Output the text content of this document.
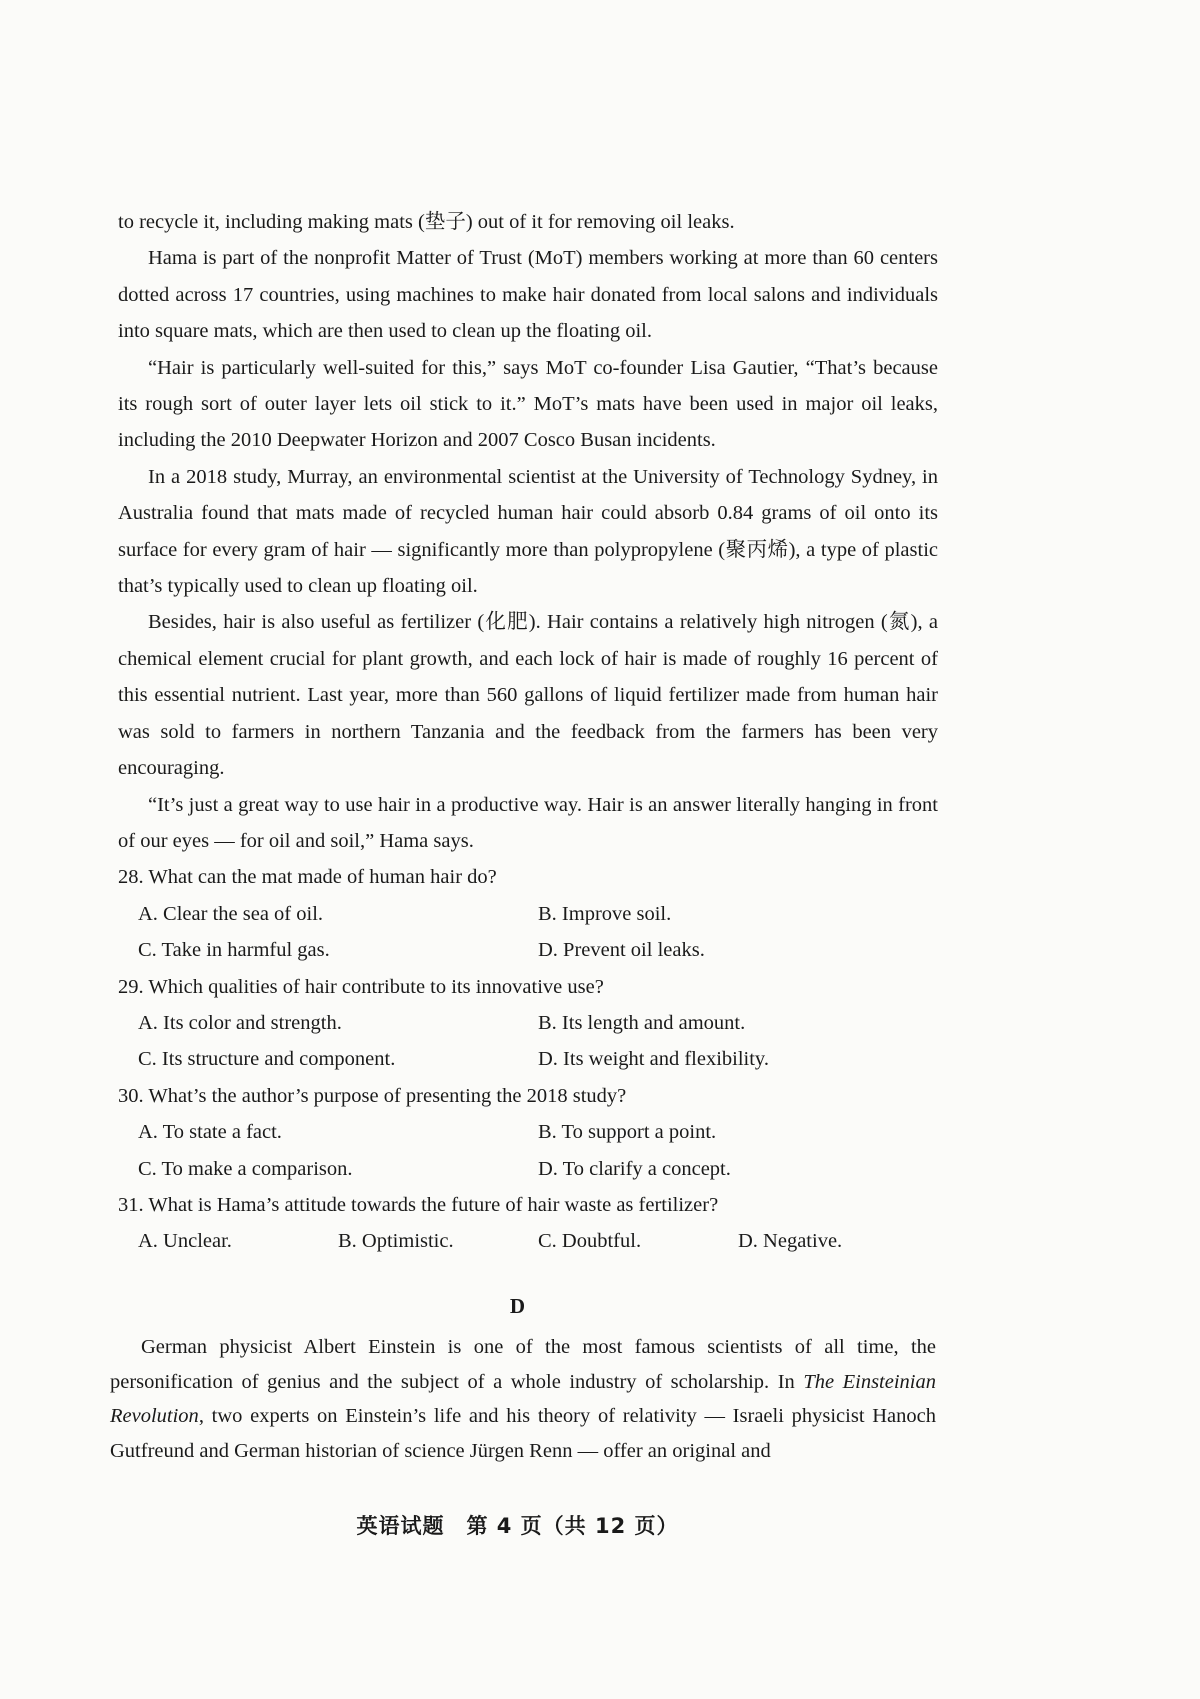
to recycle it, including making mats (垫子) out of it for removing oil leaks.

Hama is part of the nonprofit Matter of Trust (MoT) members working at more than 60 centers dotted across 17 countries, using machines to make hair donated from local salons and individuals into square mats, which are then used to clean up the floating oil.

“Hair is particularly well-suited for this,” says MoT co-founder Lisa Gautier, “That’s because its rough sort of outer layer lets oil stick to it.” MoT’s mats have been used in major oil leaks, including the 2010 Deepwater Horizon and 2007 Cosco Busan incidents.

In a 2018 study, Murray, an environmental scientist at the University of Technology Sydney, in Australia found that mats made of recycled human hair could absorb 0.84 grams of oil onto its surface for every gram of hair — significantly more than polypropylene (聚丙烯), a type of plastic that’s typically used to clean up floating oil.

Besides, hair is also useful as fertilizer (化肥). Hair contains a relatively high nitrogen (氮), a chemical element crucial for plant growth, and each lock of hair is made of roughly 16 percent of this essential nutrient. Last year, more than 560 gallons of liquid fertilizer made from human hair was sold to farmers in northern Tanzania and the feedback from the farmers has been very encouraging.

“It’s just a great way to use hair in a productive way. Hair is an answer literally hanging in front of our eyes — for oil and soil,” Hama says.

28. What can the mat made of human hair do?

A. Clear the sea of oil.	B. Improve soil.
C. Take in harmful gas.	D. Prevent oil leaks.

29. Which qualities of hair contribute to its innovative use?

A. Its color and strength.	B. Its length and amount.
C. Its structure and component.	D. Its weight and flexibility.

30. What’s the author’s purpose of presenting the 2018 study?

A. To state a fact.	B. To support a point.
C. To make a comparison.	D. To clarify a concept.

31. What is Hama’s attitude towards the future of hair waste as fertilizer?

A. Unclear.	B. Optimistic.	C. Doubtful.	D. Negative.
D

German physicist Albert Einstein is one of the most famous scientists of all time, the personification of genius and the subject of a whole industry of scholarship. In The Einsteinian Revolution, two experts on Einstein’s life and his theory of relativity — Israeli physicist Hanoch Gutfreund and German historian of science Jürgen Renn — offer an original and

英语试题　第 4 页（共 12 页）
